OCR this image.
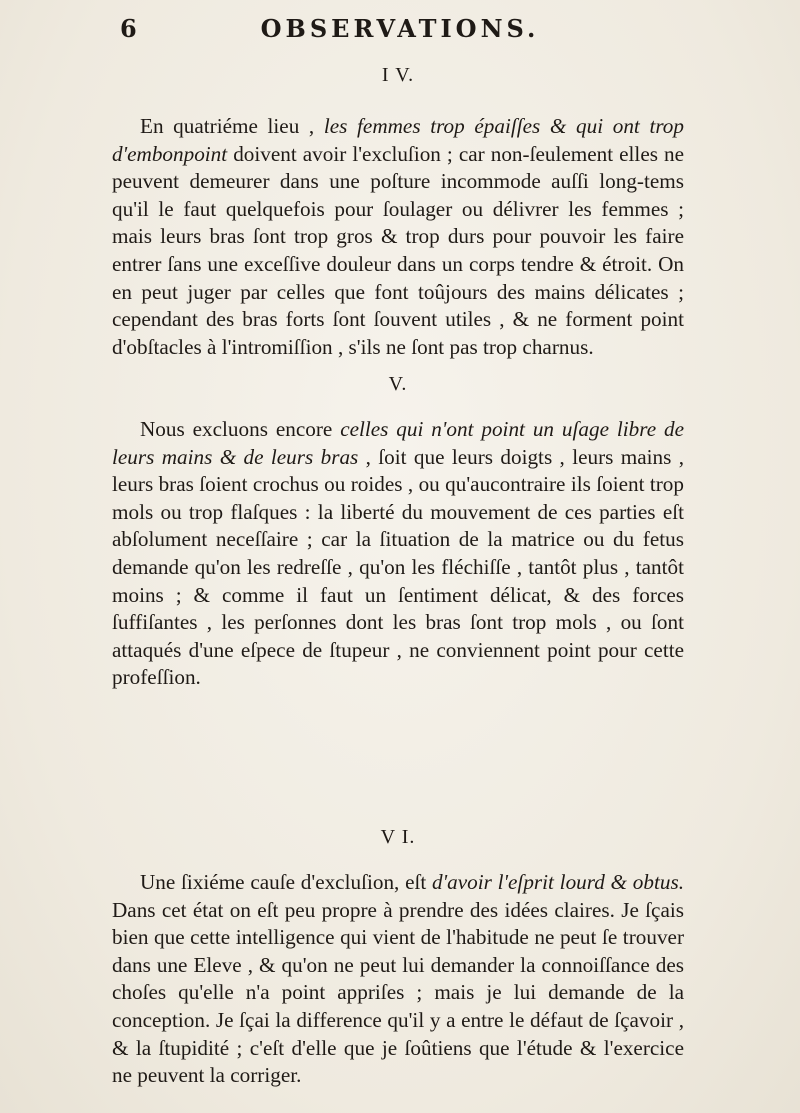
6	OBSERVATIONS.
I V.

En quatriéme lieu , les femmes trop épaiſſes & qui ont trop d'embonpoint doivent avoir l'excluſion ; car non-ſeulement elles ne peuvent demeurer dans une poſture incommode auſſi long-tems qu'il le faut quelquefois pour ſoulager ou délivrer les femmes ; mais leurs bras ſont trop gros & trop durs pour pouvoir les faire entrer ſans une exceſſive douleur dans un corps tendre & étroit. On en peut juger par celles que font toûjours des mains délicates ; cependant des bras forts ſont ſouvent utiles , & ne forment point d'obſtacles à l'intromiſſion , s'ils ne ſont pas trop charnus.

V.

Nous excluons encore celles qui n'ont point un uſage libre de leurs mains & de leurs bras , ſoit que leurs doigts , leurs mains , leurs bras ſoient crochus ou roides , ou qu'aucontraire ils ſoient trop mols ou trop flaſques : la liberté du mouvement de ces parties eſt abſolument neceſſaire ; car la ſituation de la matrice ou du fetus demande qu'on les redreſſe , qu'on les fléchiſſe , tantôt plus , tantôt moins ; & comme il faut un ſentiment délicat, & des forces ſuffiſantes , les perſonnes dont les bras ſont trop mols , ou ſont attaqués d'une eſpece de ſtupeur , ne conviennent point pour cette profeſſion.

V I.

Une ſixiéme cauſe d'excluſion, eſt d'avoir l'eſprit lourd & obtus. Dans cet état on eſt peu propre à prendre des idées claires. Je ſçais bien que cette intelligence qui vient de l'habitude ne peut ſe trouver dans une Eleve , & qu'on ne peut lui demander la connoiſſance des choſes qu'elle n'a point appriſes ; mais je lui demande de la conception. Je ſçai la difference qu'il y a entre le défaut de ſçavoir , & la ſtupidité ; c'eſt d'elle que je ſoûtiens que l'étude & l'exercice ne peuvent la corriger.
